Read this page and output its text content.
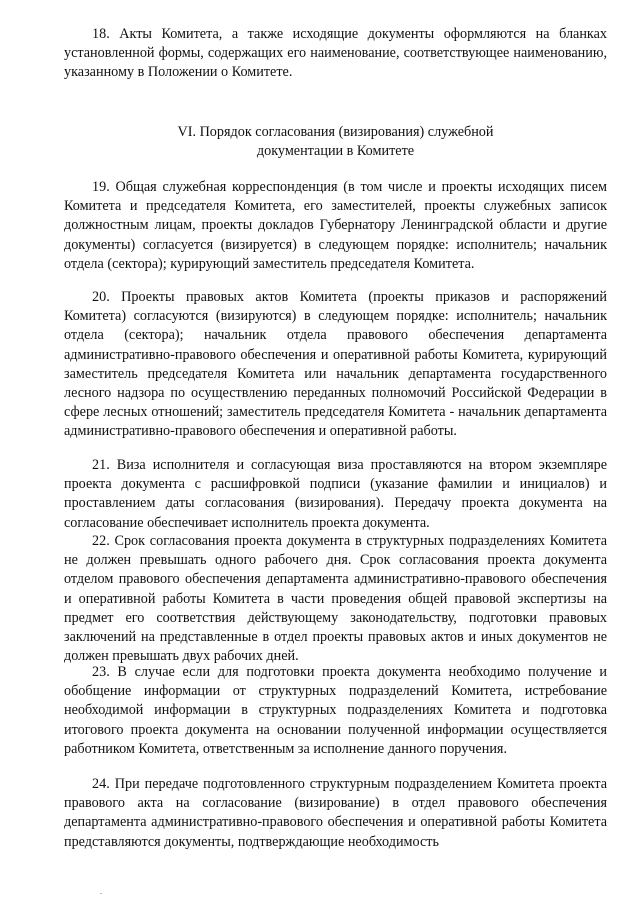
18. Акты Комитета, а также исходящие документы оформляются на бланках установленной формы, содержащих его наименование, соответствующее наименованию, указанному в Положении о Комитете.

VI. Порядок согласования (визирования) служебной
документации в Комитете

19. Общая служебная корреспонденция (в том числе и проекты исходящих писем Комитета и председателя Комитета, его заместителей, проекты служебных записок должностным лицам, проекты докладов Губернатору Ленинградской области и другие документы) согласуется (визируется) в следующем порядке: исполнитель; начальник отдела (сектора); курирующий заместитель председателя Комитета.

20. Проекты правовых актов Комитета (проекты приказов и распоряжений Комитета) согласуются (визируются) в следующем порядке: исполнитель; начальник отдела (сектора); начальник отдела правового обеспечения департамента административно-правового обеспечения и оперативной работы Комитета, курирующий заместитель председателя Комитета или начальник департамента государственного лесного надзора по осуществлению переданных полномочий Российской Федерации в сфере лесных отношений; заместитель председателя Комитета - начальник департамента административно-правового обеспечения и оперативной работы.

21. Виза исполнителя и согласующая виза проставляются на втором экземпляре проекта документа с расшифровкой подписи (указание фамилии и инициалов) и проставлением даты согласования (визирования). Передачу проекта документа на согласование обеспечивает исполнитель проекта документа.

22. Срок согласования проекта документа в структурных подразделениях Комитета не должен превышать одного рабочего дня. Срок согласования проекта документа отделом правового обеспечения департамента административно-правового обеспечения и оперативной работы Комитета в части проведения общей правовой экспертизы на предмет его соответствия действующему законодательству, подготовки правовых заключений на представленные в отдел проекты правовых актов и иных документов не должен превышать двух рабочих дней.

23. В случае если для подготовки проекта документа необходимо получение и обобщение информации от структурных подразделений Комитета, истребование необходимой информации в структурных подразделениях Комитета и подготовка итогового проекта документа на основании полученной информации осуществляется работником Комитета, ответственным за исполнение данного поручения.

24. При передаче подготовленного структурным подразделением Комитета проекта правового акта на согласование (визирование) в отдел правового обеспечения департамента административно-правового обеспечения и оперативной работы Комитета представляются документы, подтверждающие необходимость
